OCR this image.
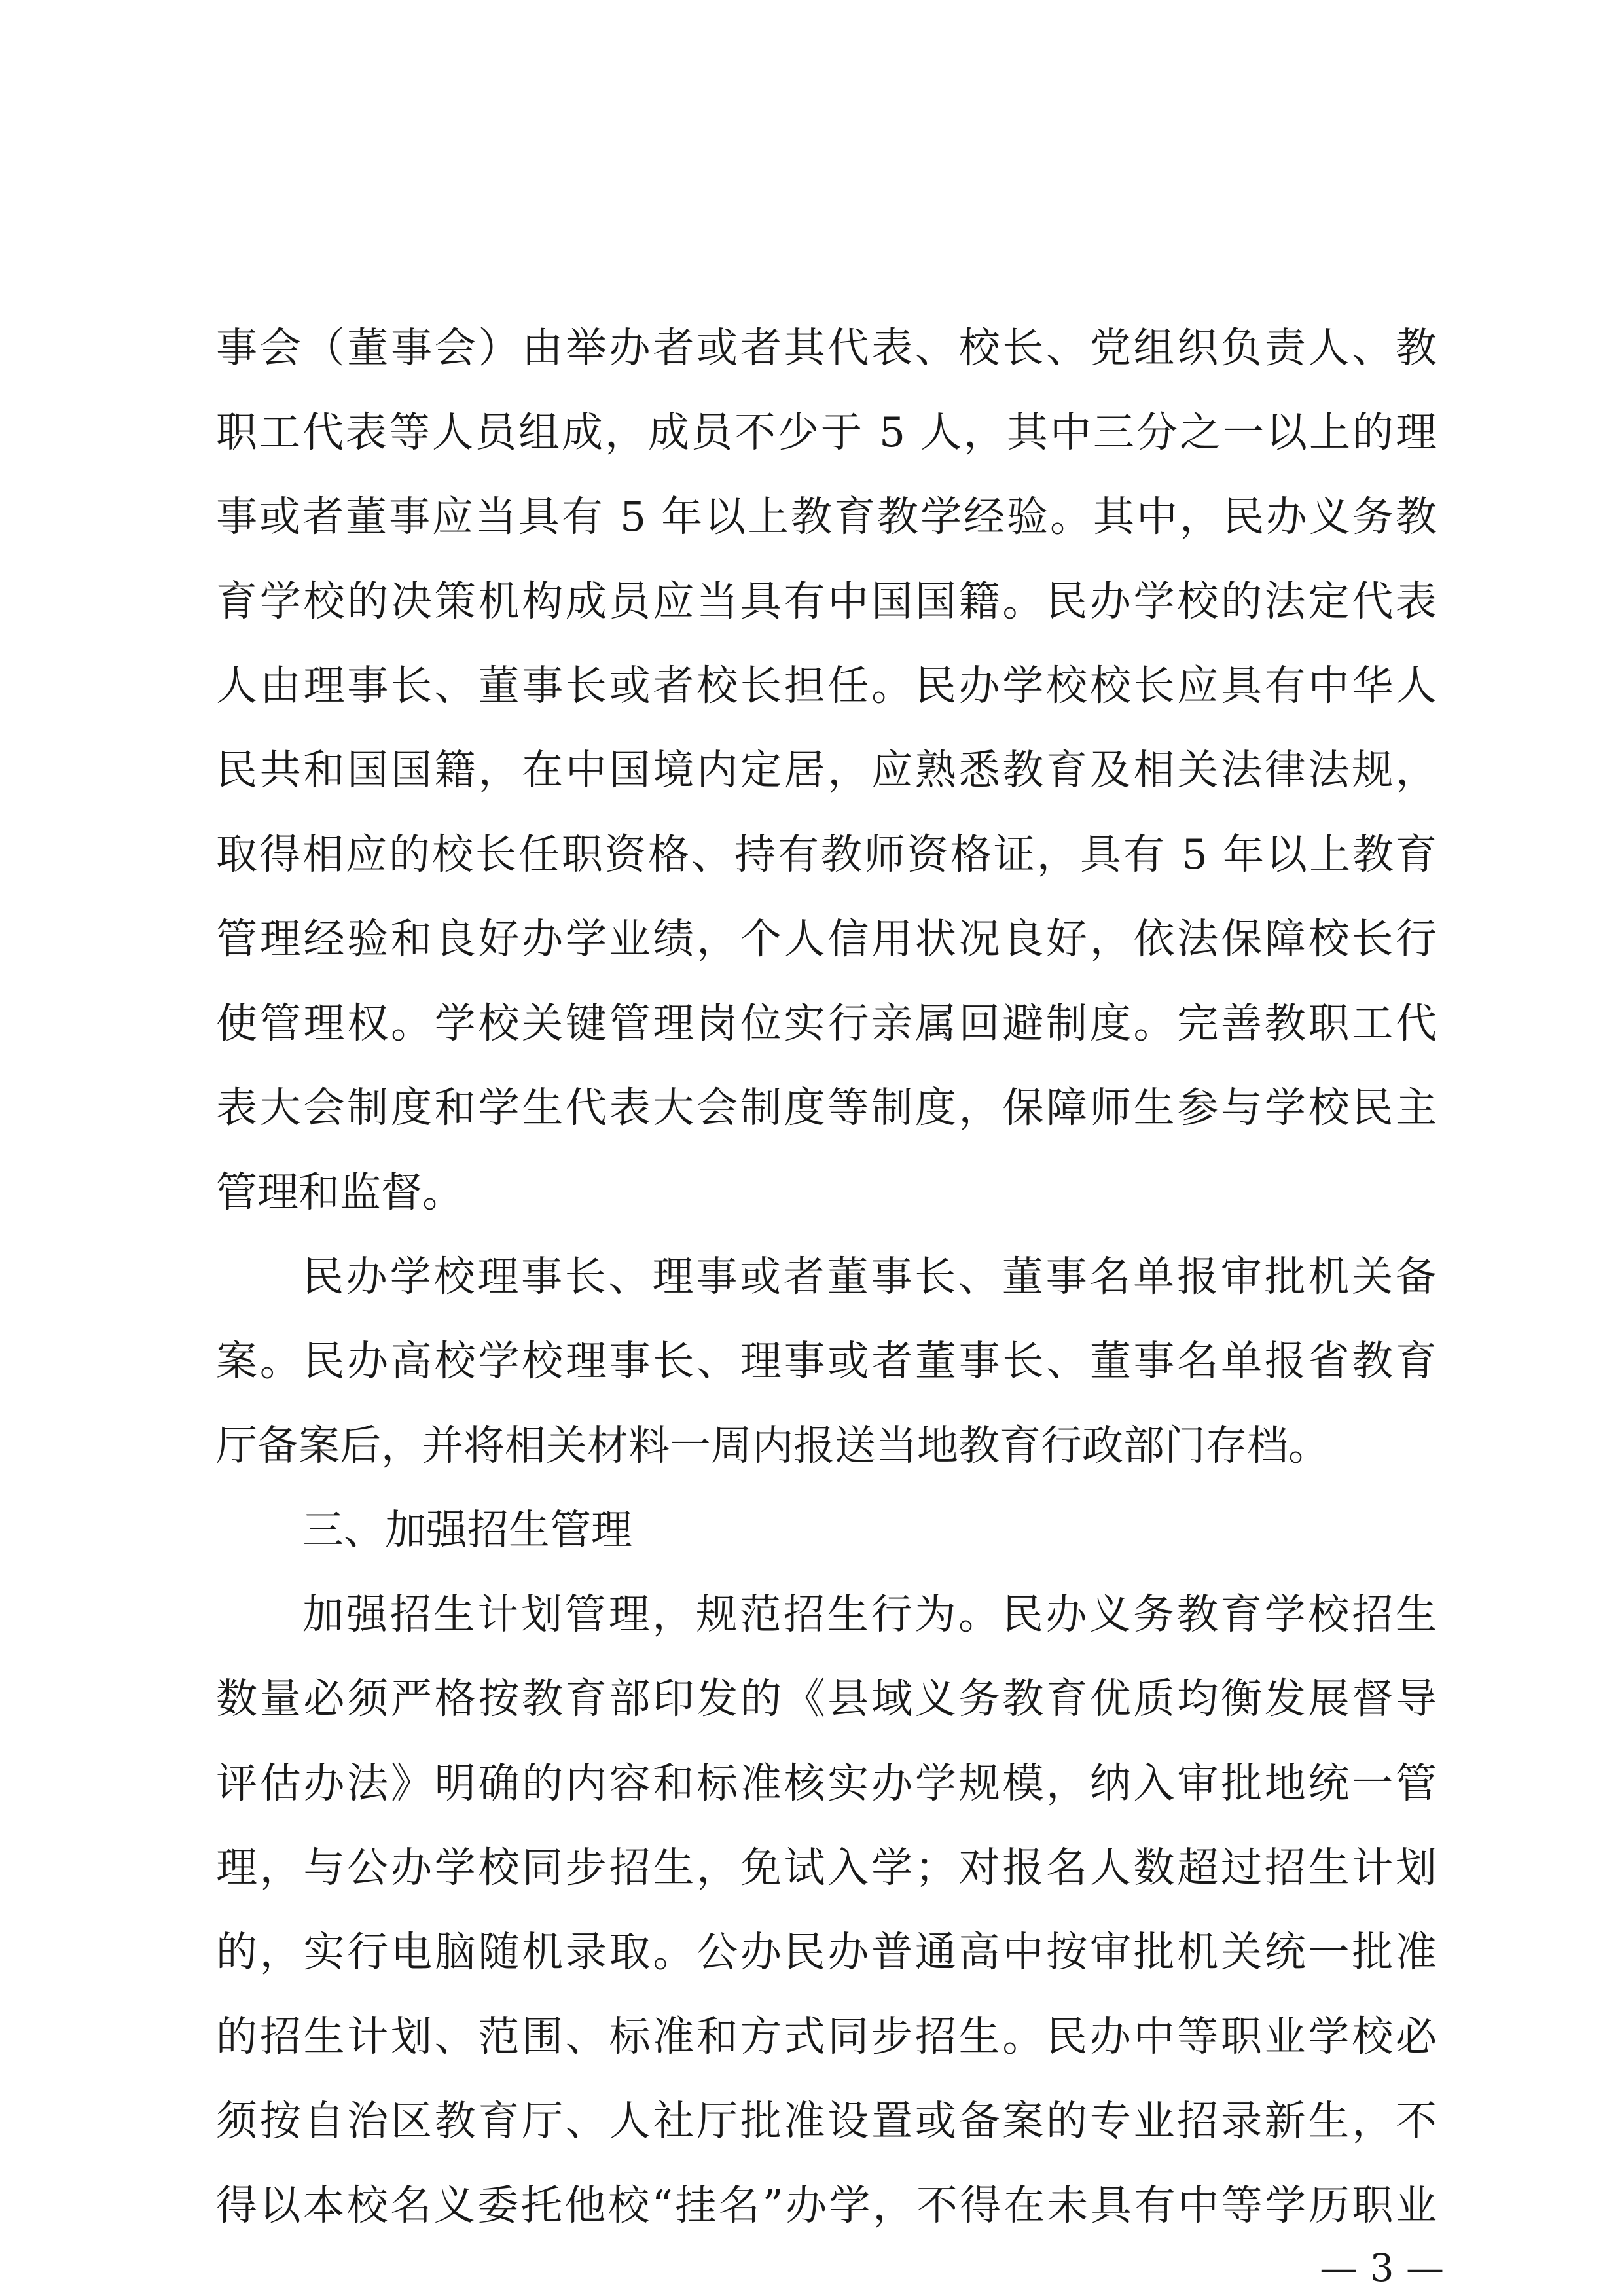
事会（董事会）由举办者或者其代表、校长、党组织负责人、教
职工代表等人员组成，成员不少于 5 人，其中三分之一以上的理
事或者董事应当具有 5 年以上教育教学经验。其中，民办义务教
育学校的决策机构成员应当具有中国国籍。民办学校的法定代表
人由理事长、董事长或者校长担任。民办学校校长应具有中华人
民共和国国籍，在中国境内定居，应熟悉教育及相关法律法规，
取得相应的校长任职资格、持有教师资格证，具有 5 年以上教育
管理经验和良好办学业绩，个人信用状况良好，依法保障校长行
使管理权。学校关键管理岗位实行亲属回避制度。完善教职工代
表大会制度和学生代表大会制度等制度，保障师生参与学校民主
管理和监督。
民办学校理事长、理事或者董事长、董事名单报审批机关备
案。民办高校学校理事长、理事或者董事长、董事名单报省教育
厅备案后，并将相关材料一周内报送当地教育行政部门存档。
三、加强招生管理
加强招生计划管理，规范招生行为。民办义务教育学校招生
数量必须严格按教育部印发的《县域义务教育优质均衡发展督导
评估办法》明确的内容和标准核实办学规模，纳入审批地统一管
理，与公办学校同步招生，免试入学；对报名人数超过招生计划
的，实行电脑随机录取。公办民办普通高中按审批机关统一批准
的招生计划、范围、标准和方式同步招生。民办中等职业学校必
须按自治区教育厅、人社厅批准设置或备案的专业招录新生，不
得以本校名义委托他校“挂名”办学，不得在未具有中等学历职业
— 3 —
